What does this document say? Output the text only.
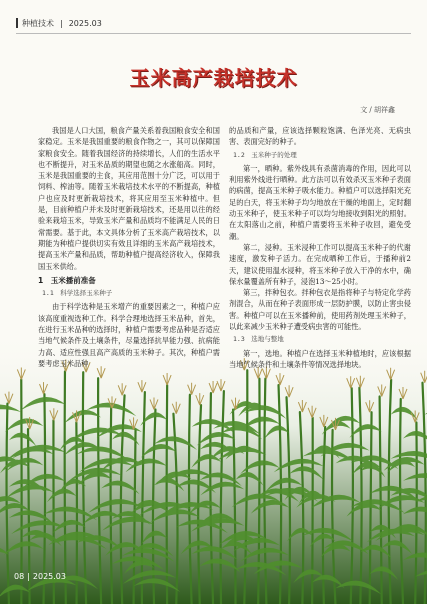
种植技术 | 2025.03
玉米高产栽培技术
文 / 胡祥鑫

我国是人口大国，粮食产量关系着我国粮食安全和国家稳定。玉米是我国重要的粮食作物之一，其可以保障国家粮食安全。随着我国经济的持续增长，人们的生活水平也不断提升，对玉米品质的期望也随之水涨船高。同时，玉米是我国重要的主食，其应用范围十分广泛，可以用于饲料、榨油等。随着玉米栽培技术水平的不断提高，种植户也应及时更新栽培技术，将其应用至玉米种植中。但是，目前种植户并未及时更新栽培技术，还是用以往的经验来栽培玉米，导致玉米产量和品质均不能满足人民的日常需要。基于此，本文具体分析了玉米高产栽培技术，以期能为种植户提供切实有效且详细的玉米高产栽培技术，提高玉米产量和品质，帮助种植户提高经济收入，保障我国玉米供给。

1　玉米播前准备
1.1　科学选择玉米种子

由于科学选种是玉米增产的重要因素之一，种植户应该高度重视选种工作。科学合理地选择玉米品种，首先，在进行玉米品种的选择时，种植户需要考虑品种是否适应当地气候条件及土壤条件，尽量选择抗旱能力强、抗病能力高、适应性强且高产高质的玉米种子。其次，种植户需要考虑玉米品种

的品质和产量，应该选择颗粒饱满、色泽光亮、无病虫害、表面完好的种子。

1.2　玉米种子的处理

第一，晒种。紫外线具有杀菌消毒的作用，因此可以利用紫外线进行晒种。此方法可以有效杀灭玉米种子表面的病菌，提高玉米种子吸水能力。种植户可以选择阳光充足的白天，将玉米种子均匀地放在干燥的地面上，定时翻动玉米种子，使玉米种子可以均匀地接收到阳光的照射。在太阳落山之前，种植户需要将玉米种子收回，避免受潮。

第二，浸种。玉米浸种工作可以提高玉米种子的代谢速度，激发种子活力。在完成晒种工作后，于播种前2天，建议使用温水浸种，将玉米种子放入干净的水中，确保水量覆盖所有种子，浸泡13～25小时。

第三，拌种包衣。拌种包衣是指将种子与特定化学药剂混合，从而在种子表面形成一层防护膜，以防止害虫侵害。种植户可以在玉米播种前，使用药剂处理玉米种子，以此来减少玉米种子遭受病虫害的可能性。

1.3　选地与整地

第一，选地。种植户在选择玉米种植地时，应该根据当地气候条件和土壤条件等情况选择地块。

08 | 2025.03
